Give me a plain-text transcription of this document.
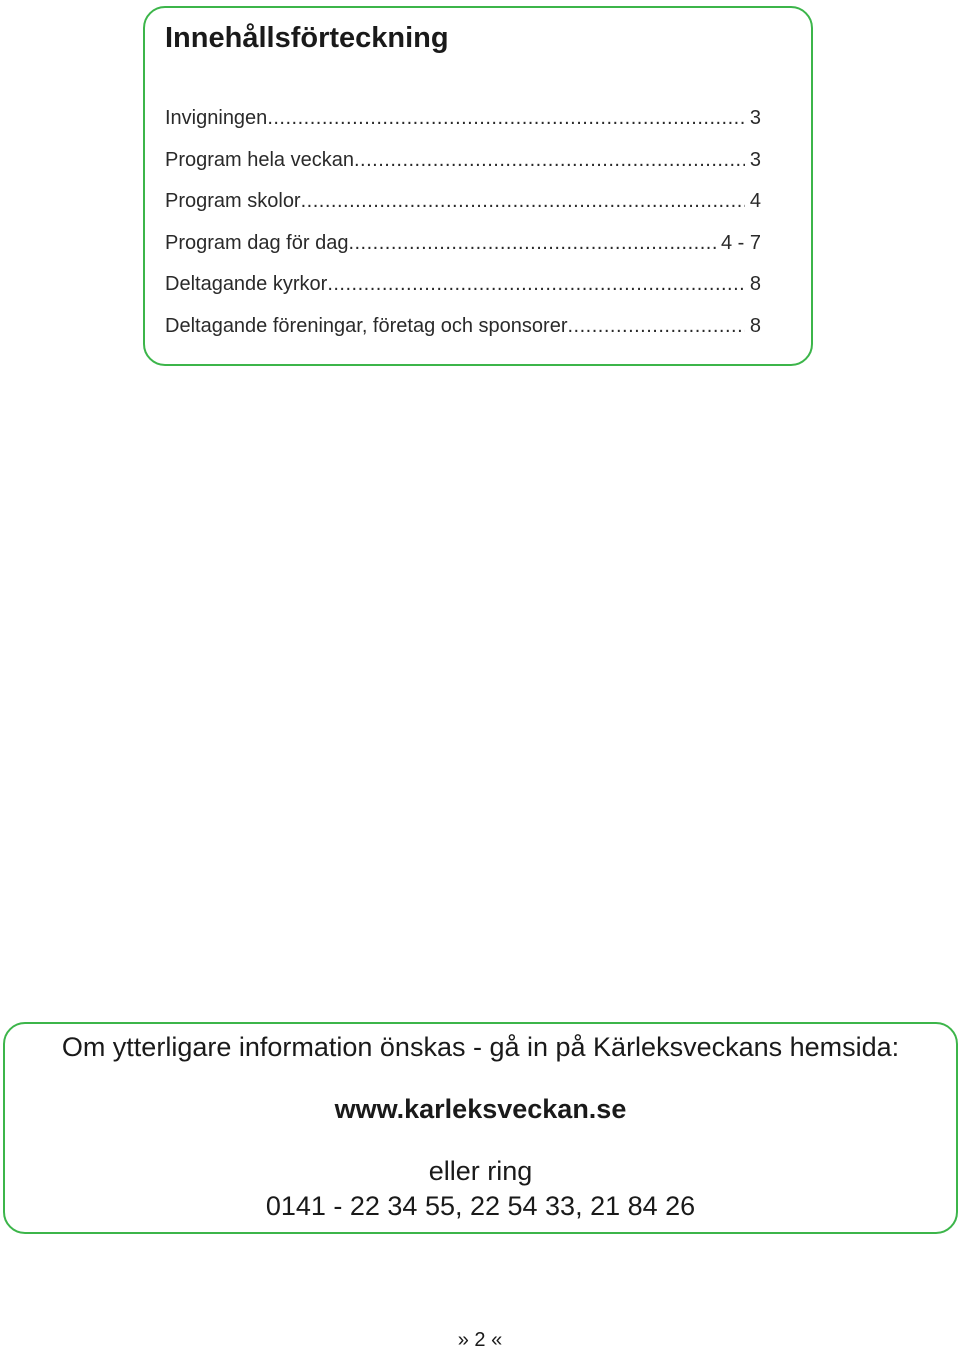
Innehållsförteckning
Invigningen .....	3
Program hela veckan .....	3
Program skolor .....	4
Program dag för dag .....	4 - 7
Deltagande kyrkor .....	8
Deltagande föreningar, företag och sponsorer .....	8

Om ytterligare information önskas - gå in på Kärleksveckans hemsida:

www.karleksveckan.se

eller ring

0141 - 22 34 55, 22 54 33, 21 84 26

» 2 «
